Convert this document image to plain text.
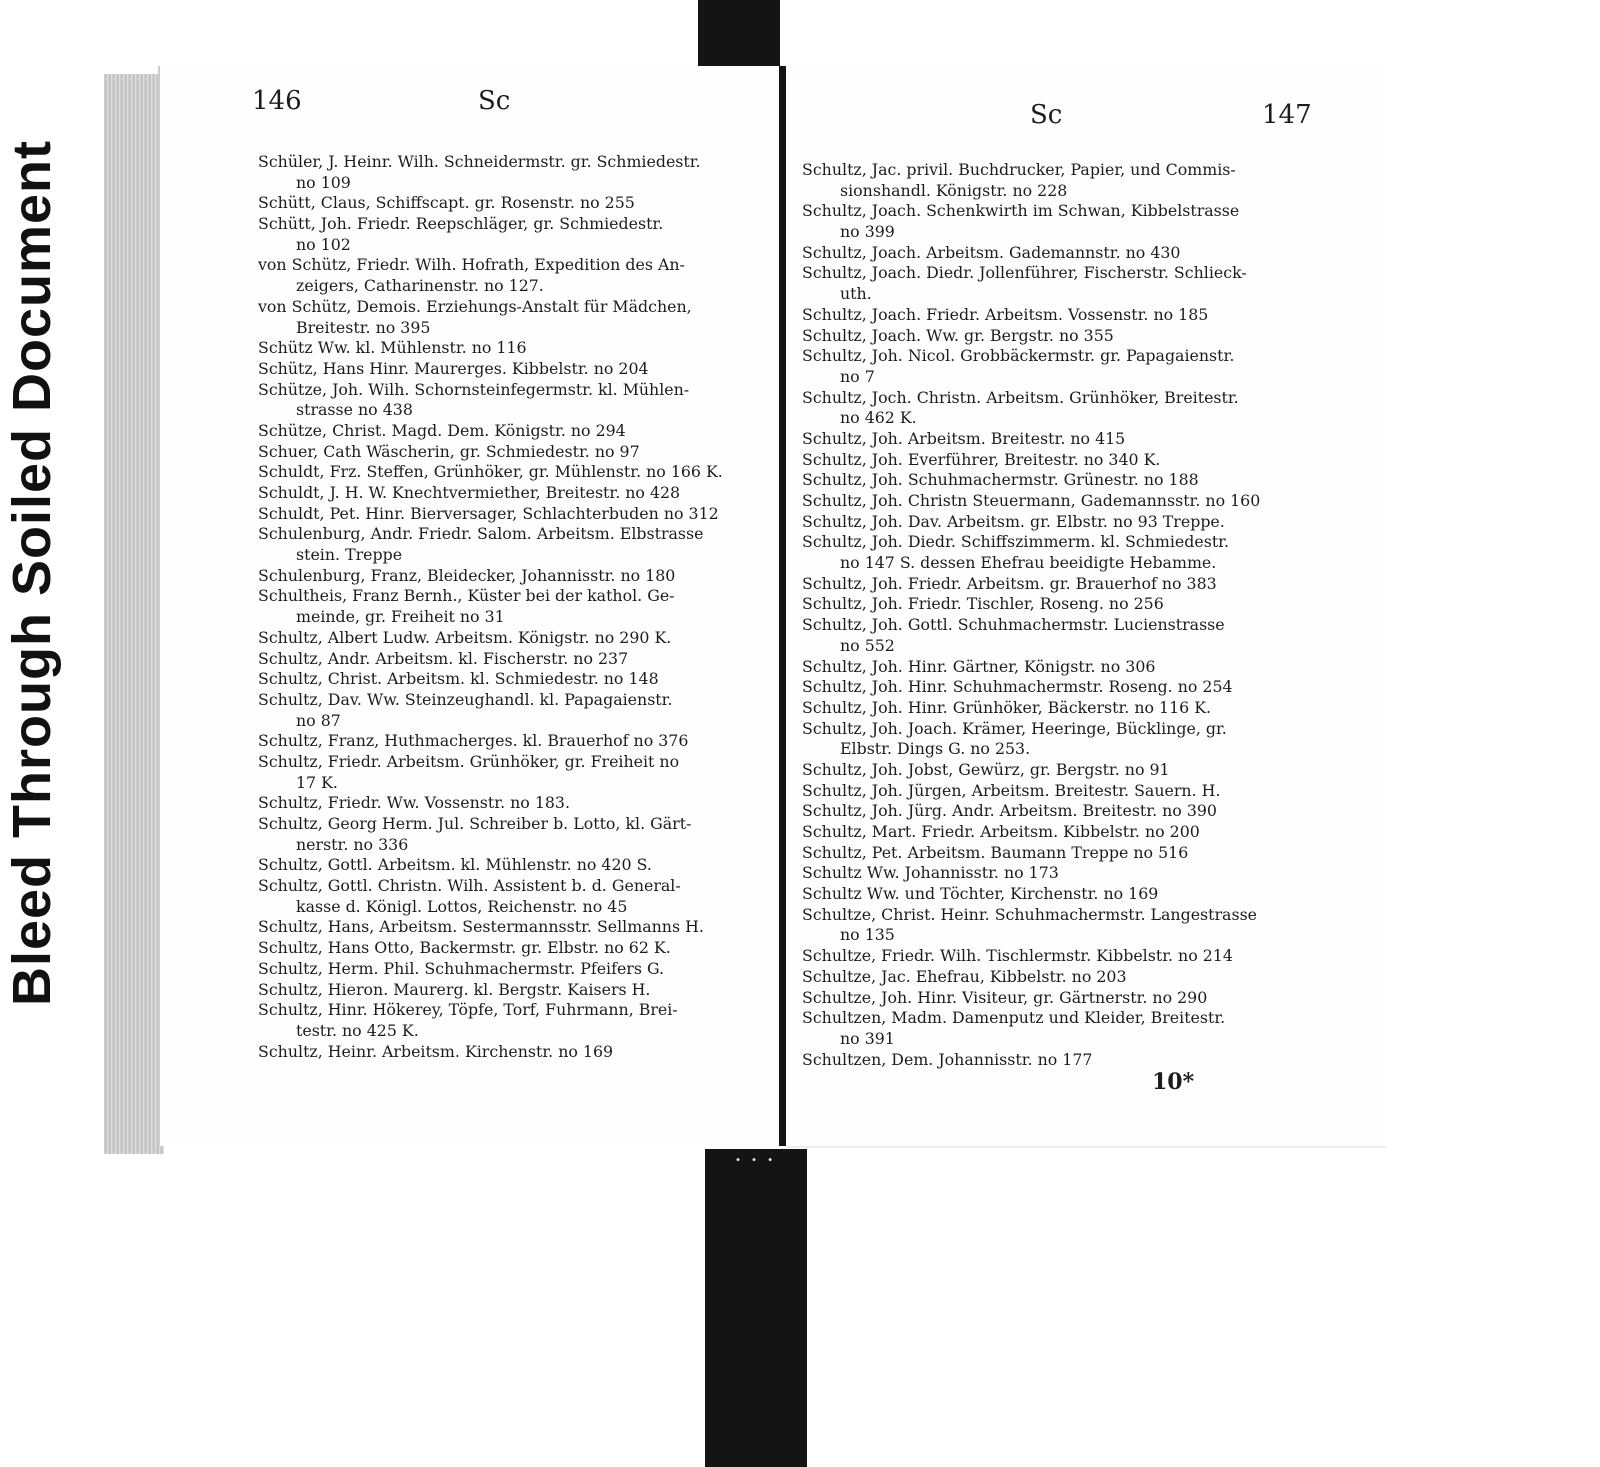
Bleed Through Soiled Document
146	Sc
Schüler, J. Heinr. Wilh. Schneidermstr. gr. Schmiedestr.
no 109
Schütt, Claus, Schiffscapt. gr. Rosenstr. no 255
Schütt, Joh. Friedr. Reepschläger, gr. Schmiedestr.
no 102
von Schütz, Friedr. Wilh. Hofrath, Expedition des An-
zeigers, Catharinenstr. no 127.
von Schütz, Demois. Erziehungs-Anstalt für Mädchen,
Breitestr. no 395
Schütz Ww. kl. Mühlenstr. no 116
Schütz, Hans Hinr. Maurerges. Kibbelstr. no 204
Schütze, Joh. Wilh. Schornsteinfegermstr. kl. Mühlen-
strasse no 438
Schütze, Christ. Magd. Dem. Königstr. no 294
Schuer, Cath Wäscherin, gr. Schmiedestr. no 97
Schuldt, Frz. Steffen, Grünhöker, gr. Mühlenstr. no 166 K.
Schuldt, J. H. W. Knechtvermiether, Breitestr. no 428
Schuldt, Pet. Hinr. Bierversager, Schlachterbuden no 312
Schulenburg, Andr. Friedr. Salom. Arbeitsm. Elbstrasse
stein. Treppe
Schulenburg, Franz, Bleidecker, Johannisstr. no 180
Schultheis, Franz Bernh., Küster bei der kathol. Ge-
meinde, gr. Freiheit no 31
Schultz, Albert Ludw. Arbeitsm. Königstr. no 290 K.
Schultz, Andr. Arbeitsm. kl. Fischerstr. no 237
Schultz, Christ. Arbeitsm. kl. Schmiedestr. no 148
Schultz, Dav. Ww. Steinzeughandl. kl. Papagaienstr.
no 87
Schultz, Franz, Huthmacherges. kl. Brauerhof no 376
Schultz, Friedr. Arbeitsm. Grünhöker, gr. Freiheit no
17 K.
Schultz, Friedr. Ww. Vossenstr. no 183.
Schultz, Georg Herm. Jul. Schreiber b. Lotto, kl. Gärt-
nerstr. no 336
Schultz, Gottl. Arbeitsm. kl. Mühlenstr. no 420 S.
Schultz, Gottl. Christn. Wilh. Assistent b. d. General-
kasse d. Königl. Lottos, Reichenstr. no 45
Schultz, Hans, Arbeitsm. Sestermannsstr. Sellmanns H.
Schultz, Hans Otto, Backermstr. gr. Elbstr. no 62 K.
Schultz, Herm. Phil. Schuhmachermstr. Pfeifers G.
Schultz, Hieron. Maurerg. kl. Bergstr. Kaisers H.
Schultz, Hinr. Hökerey, Töpfe, Torf, Fuhrmann, Brei-
testr. no 425 K.
Schultz, Heinr. Arbeitsm. Kirchenstr. no 169
Sc	147
Schultz, Jac. privil. Buchdrucker, Papier, und Commis-
sionshandl. Königstr. no 228
Schultz, Joach. Schenkwirth im Schwan, Kibbelstrasse
no 399
Schultz, Joach. Arbeitsm. Gademannstr. no 430
Schultz, Joach. Diedr. Jollenführer, Fischerstr. Schlieck-
uth.
Schultz, Joach. Friedr. Arbeitsm. Vossenstr. no 185
Schultz, Joach. Ww. gr. Bergstr. no 355
Schultz, Joh. Nicol. Grobbäckermstr. gr. Papagaienstr.
no 7
Schultz, Joch. Christn. Arbeitsm. Grünhöker, Breitestr.
no 462 K.
Schultz, Joh. Arbeitsm. Breitestr. no 415
Schultz, Joh. Everführer, Breitestr. no 340 K.
Schultz, Joh. Schuhmachermstr. Grünestr. no 188
Schultz, Joh. Christn Steuermann, Gademannsstr. no 160
Schultz, Joh. Dav. Arbeitsm. gr. Elbstr. no 93 Treppe.
Schultz, Joh. Diedr. Schiffszimmerm. kl. Schmiedestr.
no 147 S. dessen Ehefrau beeidigte Hebamme.
Schultz, Joh. Friedr. Arbeitsm. gr. Brauerhof no 383
Schultz, Joh. Friedr. Tischler, Roseng. no 256
Schultz, Joh. Gottl. Schuhmachermstr. Lucienstrasse
no 552
Schultz, Joh. Hinr. Gärtner, Königstr. no 306
Schultz, Joh. Hinr. Schuhmachermstr. Roseng. no 254
Schultz, Joh. Hinr. Grünhöker, Bäckerstr. no 116 K.
Schultz, Joh. Joach. Krämer, Heeringe, Bücklinge, gr.
Elbstr. Dings G. no 253.
Schultz, Joh. Jobst, Gewürz, gr. Bergstr. no 91
Schultz, Joh. Jürgen, Arbeitsm. Breitestr. Sauern. H.
Schultz, Joh. Jürg. Andr. Arbeitsm. Breitestr. no 390
Schultz, Mart. Friedr. Arbeitsm. Kibbelstr. no 200
Schultz, Pet. Arbeitsm. Baumann Treppe no 516
Schultz Ww. Johannisstr. no 173
Schultz Ww. und Töchter, Kirchenstr. no 169
Schultze, Christ. Heinr. Schuhmachermstr. Langestrasse
no 135
Schultze, Friedr. Wilh. Tischlermstr. Kibbelstr. no 214
Schultze, Jac. Ehefrau, Kibbelstr. no 203
Schultze, Joh. Hinr. Visiteur, gr. Gärtnerstr. no 290
Schultzen, Madm. Damenputz und Kleider, Breitestr.
no 391
Schultzen, Dem. Johannisstr. no 177
10*
• • •
